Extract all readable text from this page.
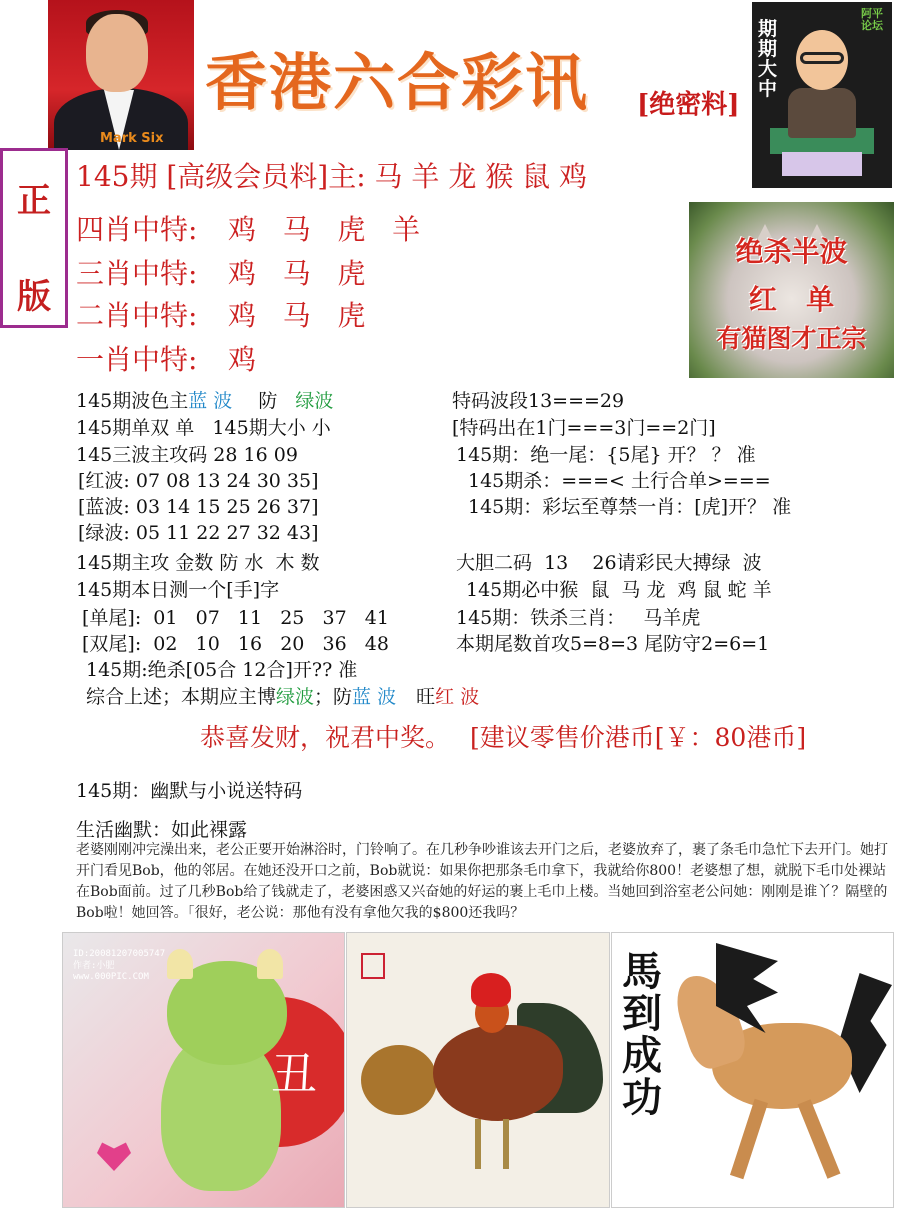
Mark Six
香港六合彩讯 [绝密料]
期期大中
阿平 论坛
正
版
145期 [高级会员料]主: 马 羊 龙 猴 鼠 鸡
四肖中特: 鸡   马   虎   羊
三肖中特: 鸡   马   虎
二肖中特: 鸡   马   虎
一肖中特: 鸡
绝杀半波
红   单
有猫图才正宗
145期波色主蓝 波 防 绿波
145期单双 单   145期大小 小
145三波主攻码 28 16 09
[红波: 07 08 13 24 30 35]
[蓝波: 03 14 15 25 26 37]
[绿波: 05 11 22 27 32 43]
145期主攻 金数 防 水  木 数
145期本日测一个[手]字
[单尾]:  01   07   11   25   37   41
[双尾]:  02   10   16   20   36   48
145期:绝杀[05合 12合]开?? 准
综合上述；本期应主博绿波；防蓝 波 旺红 波
特码波段13===29
[特码出在1门===3门==2门]
145期：绝一尾：{5尾} 开？ ？ 准
145期杀：===< 土行合单>===
145期：彩坛至尊禁一肖：[虎]开？ 准
大胆二码  13    26请彩民大搏绿  波
145期必中猴  鼠  马 龙  鸡 鼠 蛇 羊
145期：铁杀三肖：   马羊虎
本期尾数首攻5=8=3 尾防守2=6=1
恭喜发财，祝君中奖。 [建议零售价港币[￥：80港币]
145期：幽默与小说送特码
生活幽默：如此裸露
老婆刚刚冲完澡出来，老公正要开始淋浴时，门铃响了。在几秒争吵谁该去开门之后，老婆放弃了，裹了条毛巾急忙下去开门。她打开门看见Bob，他的邻居。在她还没开口之前，Bob就说：如果你把那条毛巾拿下，我就给你800！老婆想了想，就脱下毛巾处裸站在Bob面前。过了几秒Bob给了钱就走了，老婆困惑又兴奋她的好运的裹上毛巾上楼。当她回到浴室老公问她：刚刚是谁丫？隔壁的Bob啦！她回答。「很好，老公说：那他有没有拿他欠我的$800还我吗？
丑
ID:20081207005747
作者:小肥
www.000PIC.COM	馬到成功
